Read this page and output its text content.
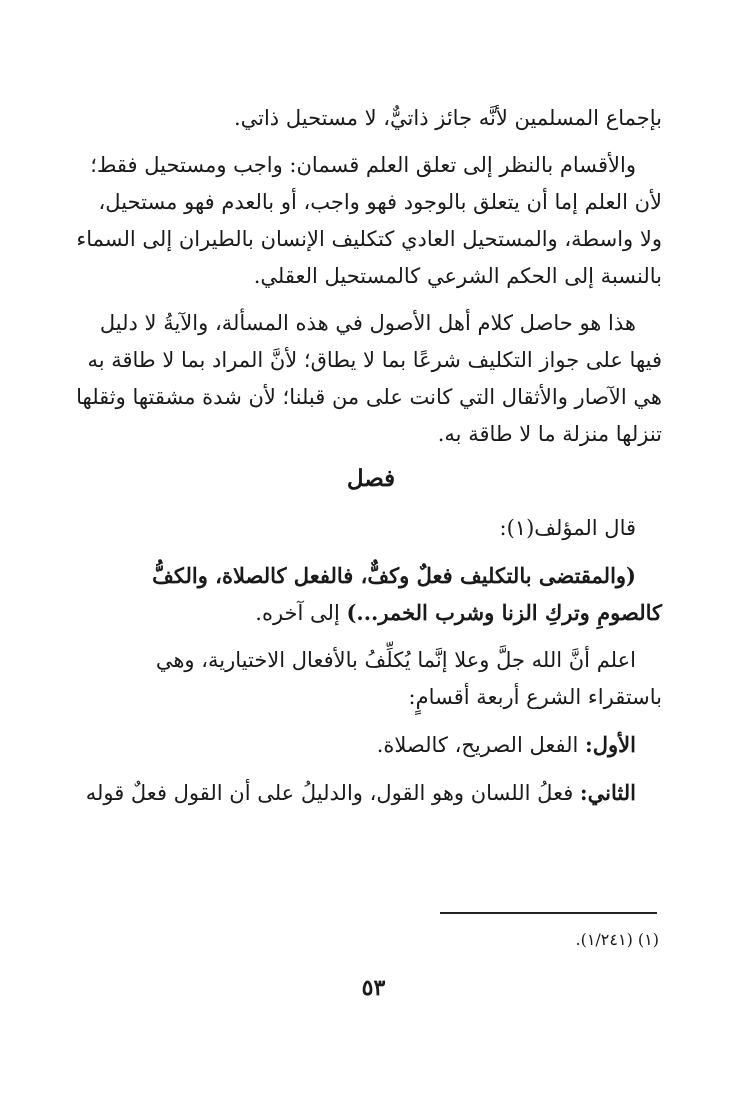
بإجماع المسلمين لأنَّه جائز ذاتيٌّ، لا مستحيل ذاتي.
والأقسام بالنظر إلى تعلق العلم قسمان: واجب ومستحيل فقط؛
لأن العلم إما أن يتعلق بالوجود فهو واجب، أو بالعدم فهو مستحيل،
ولا واسطة، والمستحيل العادي كتكليف الإنسان بالطيران إلى السماء
بالنسبة إلى الحكم الشرعي كالمستحيل العقلي.
هذا هو حاصل كلام أهل الأصول في هذه المسألة، والآيةُ لا دليل
فيها على جواز التكليف شرعًا بما لا يطاق؛ لأنَّ المراد بما لا طاقة به
هي الآصار والأثقال التي كانت على من قبلنا؛ لأن شدة مشقتها وثقلها
تنزلها منزلة ما لا طاقة به.
فصل
قال المؤلف(١):
(والمقتضى بالتكليف فعلٌ وكفٌّ، فالفعل كالصلاة، والكفُّ
كالصومِ وتركِ الزنا وشرب الخمر...) إلى آخره.
اعلم أنَّ الله جلَّ وعلا إنَّما يُكلِّفُ بالأفعال الاختيارية، وهي
باستقراء الشرع أربعة أقسامٍ:
الأول: الفعل الصريح، كالصلاة.
الثاني: فعلُ اللسان وهو القول، والدليلُ على أن القول فعلٌ قوله
(١) (١/٢٤١).
٥٣
